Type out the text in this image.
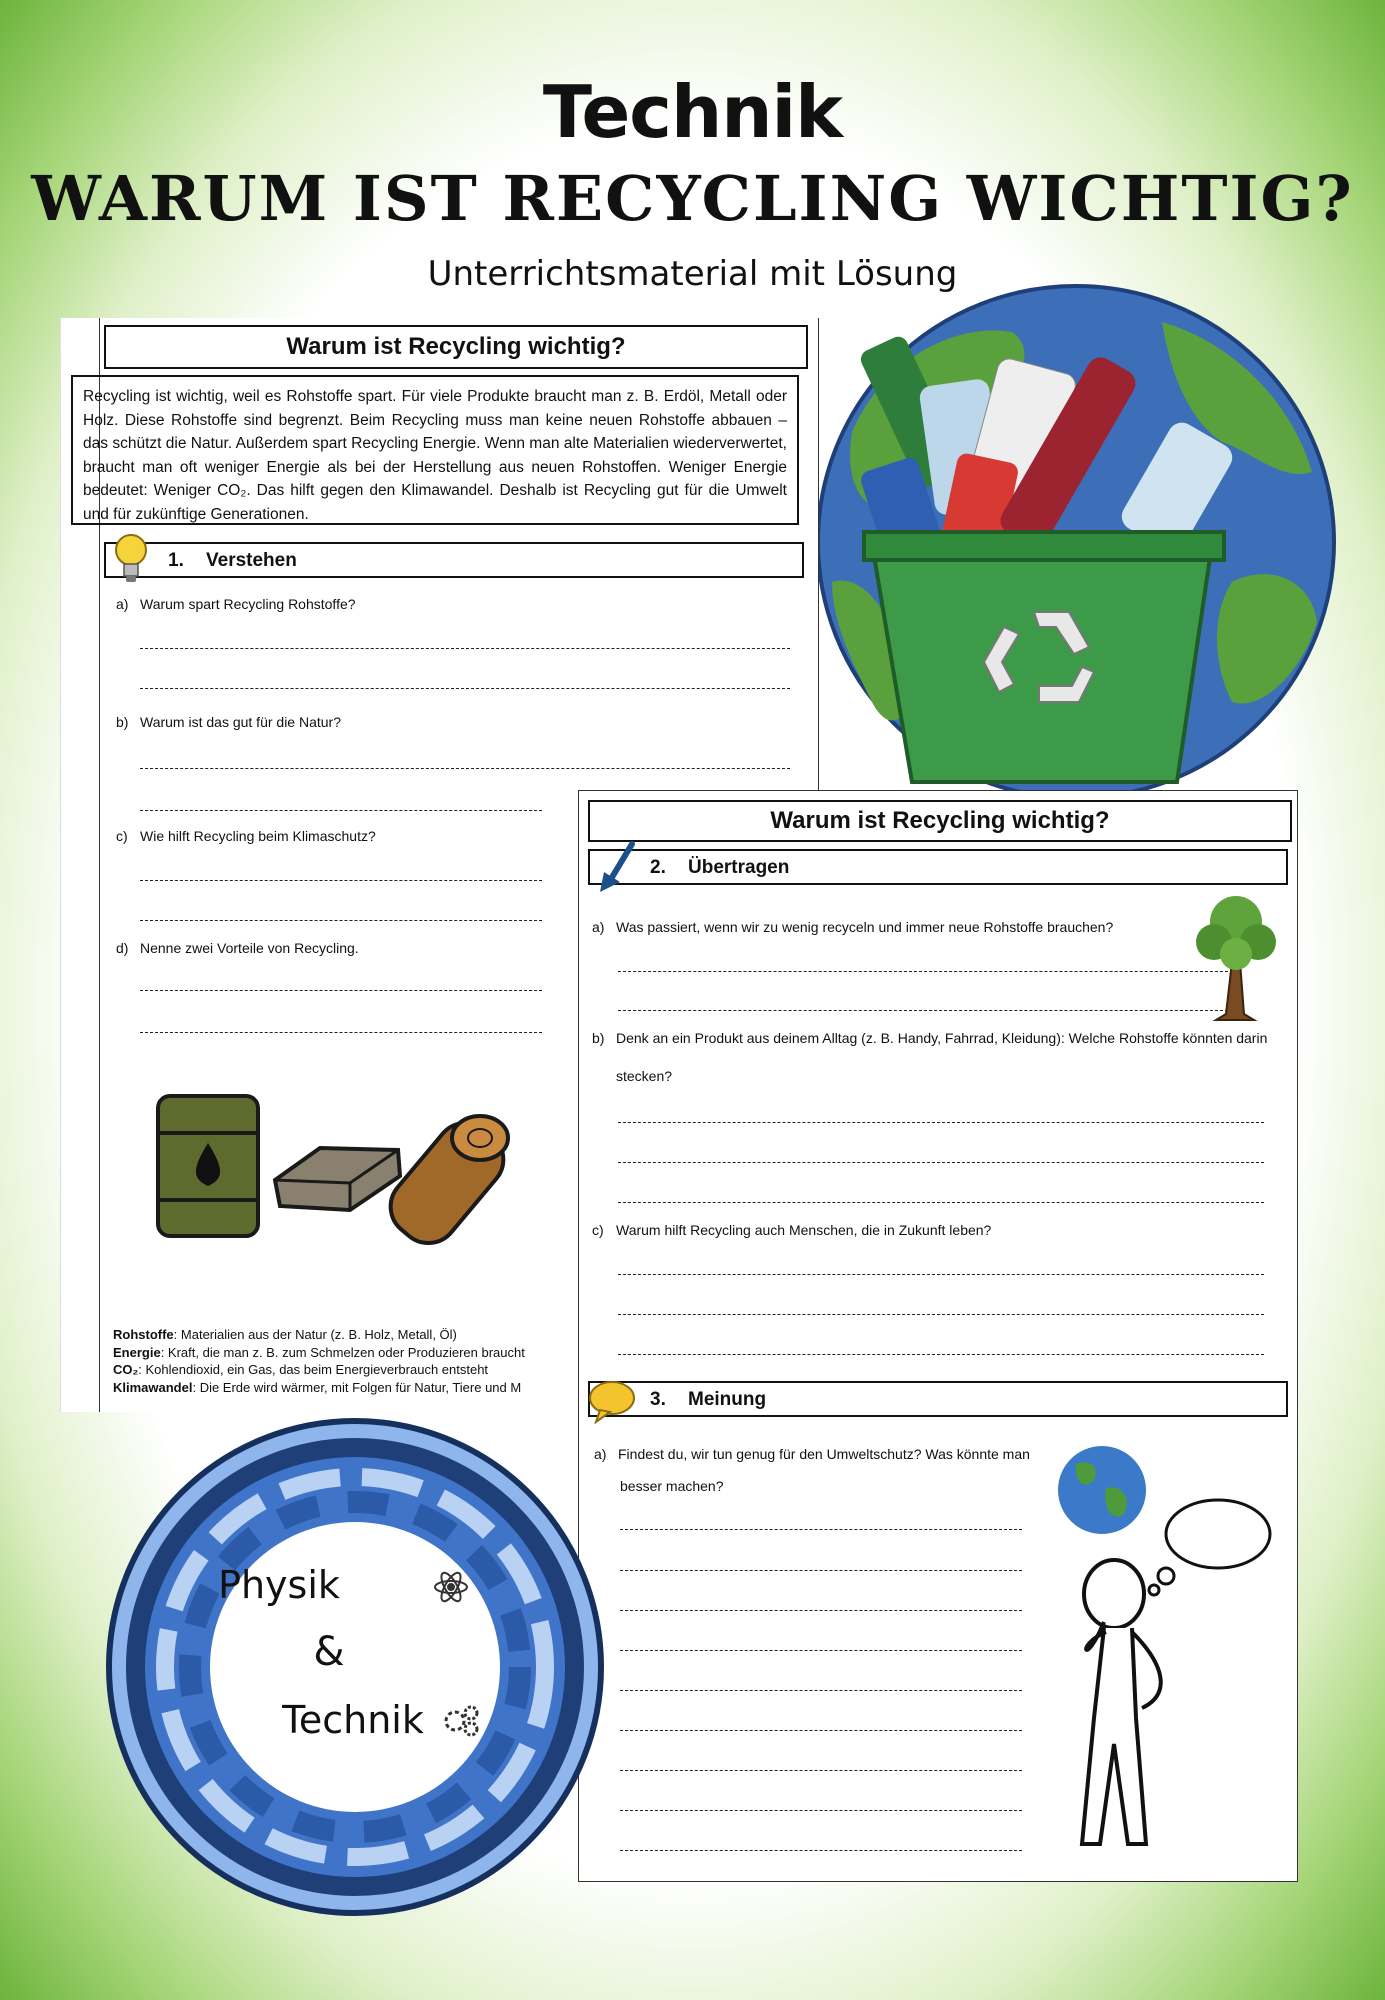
Technik
WARUM IST RECYCLING WICHTIG?
Unterrichtsmaterial mit Lösung
Warum ist Recycling wichtig?
Recycling ist wichtig, weil es Rohstoffe spart. Für viele Produkte braucht man z. B. Erdöl, Metall oder Holz. Diese Rohstoffe sind begrenzt. Beim Recycling muss man keine neuen Rohstoffe abbauen – das schützt die Natur. Außerdem spart Recycling Energie. Wenn man alte Materialien wiederverwertet, braucht man oft weniger Energie als bei der Herstellung aus neuen Rohstoffen. Weniger Energie bedeutet: Weniger CO₂. Das hilft gegen den Klimawandel. Deshalb ist Recycling gut für die Umwelt und für zukünftige Generationen.
1. Verstehen
a) Warum spart Recycling Rohstoffe?
b) Warum ist das gut für die Natur?
c) Wie hilft Recycling beim Klimaschutz?
d) Nenne zwei Vorteile von Recycling.
Rohstoffe: Materialien aus der Natur (z. B. Holz, Metall, Öl)
Energie: Kraft, die man z. B. zum Schmelzen oder Produzieren braucht
CO₂: Kohlendioxid, ein Gas, das beim Energieverbrauch entsteht
Klimawandel: Die Erde wird wärmer, mit Folgen für Natur, Tiere und M
Warum ist Recycling wichtig?
2. Übertragen
a) Was passiert, wenn wir zu wenig recyceln und immer neue Rohstoffe brauchen?
b) Denk an ein Produkt aus deinem Alltag (z. B. Handy, Fahrrad, Kleidung): Welche Rohstoffe könnten darin
stecken?
c) Warum hilft Recycling auch Menschen, die in Zukunft leben?
3. Meinung
a) Findest du, wir tun genug für den Umweltschutz? Was könnte man
besser machen?
Physik
&
Technik
